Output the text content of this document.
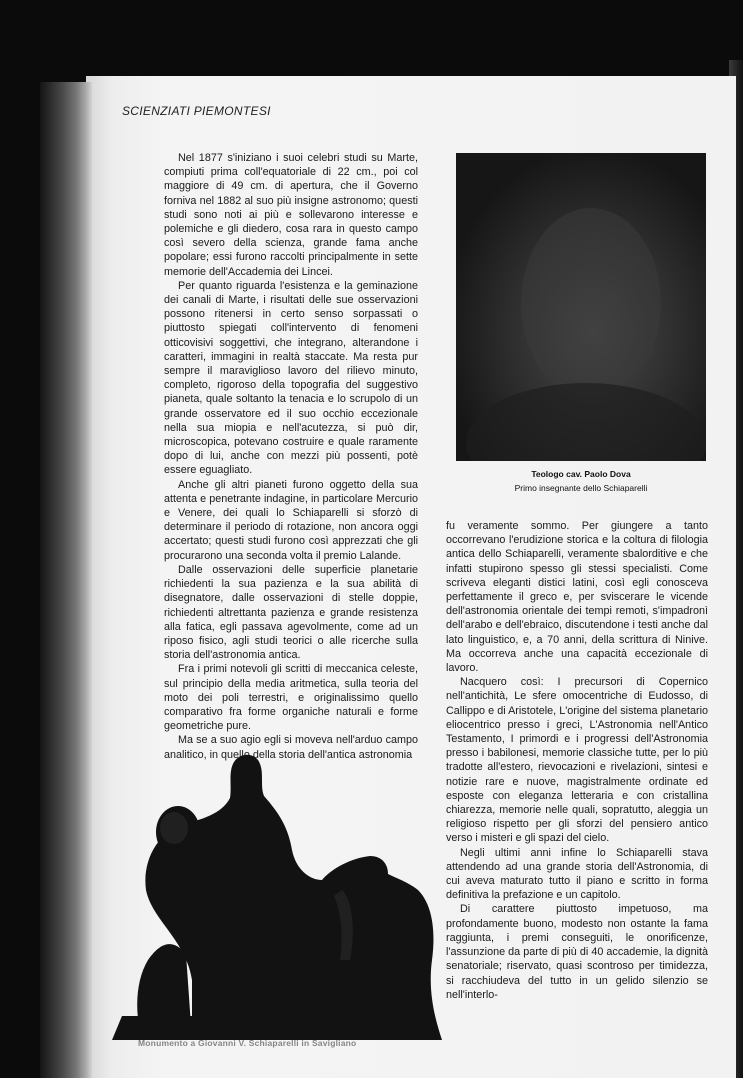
SCIENZIATI PIEMONTESI

Nel 1877 s'iniziano i suoi celebri studi su Marte, compiuti prima coll'equatoriale di 22 cm., poi col maggiore di 49 cm. di apertura, che il Governo forniva nel 1882 al suo più insigne astronomo; questi studi sono noti ai più e sollevarono interesse e polemiche e gli diedero, cosa rara in questo campo così severo della scienza, grande fama anche popolare; essi furono raccolti principalmente in sette memorie dell'Accademia dei Lincei.

Per quanto riguarda l'esistenza e la geminazione dei canali di Marte, i risultati delle sue osservazioni possono ritenersi in certo senso sorpassati o piuttosto spiegati coll'intervento di fenomeni otticovisivi soggettivi, che integrano, alterandone i caratteri, immagini in realtà staccate. Ma resta pur sempre il maraviglioso lavoro del rilievo minuto, completo, rigoroso della topografia del suggestivo pianeta, quale soltanto la tenacia e lo scrupolo di un grande osservatore ed il suo occhio eccezionale nella sua miopia e nell'acutezza, si può dir, microscopica, potevano costruire e quale raramente dopo di lui, anche con mezzi più possenti, potè essere eguagliato.

Anche gli altri pianeti furono oggetto della sua attenta e penetrante indagine, in particolare Mercurio e Venere, dei quali lo Schiaparelli si sforzò di determinare il periodo di rotazione, non ancora oggi accertato; questi studi furono così apprezzati che gli procurarono una seconda volta il premio Lalande.

Dalle osservazioni delle superficie planetarie richiedenti la sua pazienza e la sua abilità di disegnatore, dalle osservazioni di stelle doppie, richiedenti altrettanta pazienza e grande resistenza alla fatica, egli passava agevolmente, come ad un riposo fisico, agli studi teorici o alle ricerche sulla storia dell'astronomia antica.

Fra i primi notevoli gli scritti di meccanica celeste, sul principio della media aritmetica, sulla teoria del moto dei poli terrestri, e originalissimo quello comparativo fra forme organiche naturali e forme geometriche pure.

Ma se a suo agio egli si moveva nell'arduo campo analitico, in quello della storia dell'antica astronomia

Teologo cav. Paolo Dova

Primo insegnante dello Schiaparelli

fu veramente sommo. Per giungere a tanto occorrevano l'erudizione storica e la coltura di filologia antica dello Schiaparelli, veramente sbalorditive e che infatti stupirono spesso gli stessi specialisti. Come scriveva eleganti distici latini, così egli conosceva perfettamente il greco e, per sviscerare le vicende dell'astronomia orientale dei tempi remoti, s'impadronì dell'arabo e dell'ebraico, discutendone i testi anche dal lato linguistico, e, a 70 anni, della scrittura di Ninive. Ma occorreva anche una capacità eccezionale di lavoro.

Nacquero così: I precursori di Copernico nell'antichità, Le sfere omocentriche di Eudosso, di Callippo e di Aristotele, L'origine del sistema planetario eliocentrico presso i greci, L'Astronomia nell'Antico Testamento, I primordi e i progressi dell'Astronomia presso i babilonesi, memorie classiche tutte, per lo più tradotte all'estero, rievocazioni e rivelazioni, sintesi e notizie rare e nuove, magistralmente ordinate ed esposte con eleganza letteraria e con cristallina chiarezza, memorie nelle quali, sopratutto, aleggia un religioso rispetto per gli sforzi del pensiero antico verso i misteri e gli spazi del cielo.

Negli ultimi anni infine lo Schiaparelli stava attendendo ad una grande storia dell'Astronomia, di cui aveva maturato tutto il piano e scritto in forma definitiva la prefazione e un capitolo.

Di carattere piuttosto impetuoso, ma profondamente buono, modesto non ostante la fama raggiunta, i premi conseguiti, le onorificenze, l'assunzione da parte di più di 40 accademie, la dignità senatoriale; riservato, quasi scontroso per timidezza, si racchiudeva del tutto in un gelido silenzio se nell'interlo-

Monumento a Giovanni V. Schiaparelli in Savigliano
